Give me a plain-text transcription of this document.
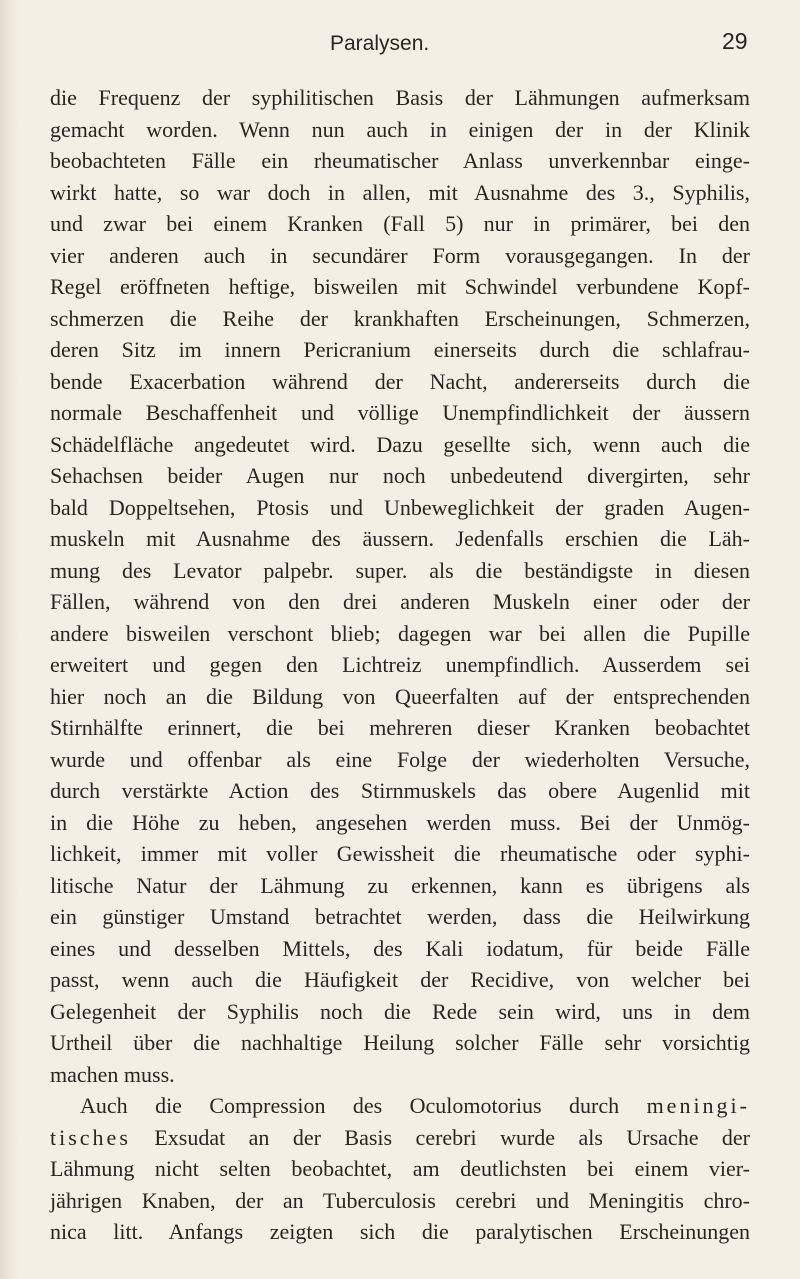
Paralysen.	29
die Frequenz der syphilitischen Basis der Lähmungen aufmerksam
gemacht worden. Wenn nun auch in einigen der in der Klinik
beobachteten Fälle ein rheumatischer Anlass unverkennbar einge-
wirkt hatte, so war doch in allen, mit Ausnahme des 3., Syphilis,
und zwar bei einem Kranken (Fall 5) nur in primärer, bei den
vier anderen auch in secundärer Form vorausgegangen. In der
Regel eröffneten heftige, bisweilen mit Schwindel verbundene Kopf-
schmerzen die Reihe der krankhaften Erscheinungen, Schmerzen,
deren Sitz im innern Pericranium einerseits durch die schlafrau-
bende Exacerbation während der Nacht, andererseits durch die
normale Beschaffenheit und völlige Unempfindlichkeit der äussern
Schädelfläche angedeutet wird. Dazu gesellte sich, wenn auch die
Sehachsen beider Augen nur noch unbedeutend divergirten, sehr
bald Doppeltsehen, Ptosis und Unbeweglichkeit der graden Augen-
muskeln mit Ausnahme des äussern. Jedenfalls erschien die Läh-
mung des Levator palpebr. super. als die beständigste in diesen
Fällen, während von den drei anderen Muskeln einer oder der
andere bisweilen verschont blieb; dagegen war bei allen die Pupille
erweitert und gegen den Lichtreiz unempfindlich. Ausserdem sei
hier noch an die Bildung von Queerfalten auf der entsprechenden
Stirnhälfte erinnert, die bei mehreren dieser Kranken beobachtet
wurde und offenbar als eine Folge der wiederholten Versuche,
durch verstärkte Action des Stirnmuskels das obere Augenlid mit
in die Höhe zu heben, angesehen werden muss. Bei der Unmög-
lichkeit, immer mit voller Gewissheit die rheumatische oder syphi-
litische Natur der Lähmung zu erkennen, kann es übrigens als
ein günstiger Umstand betrachtet werden, dass die Heilwirkung
eines und desselben Mittels, des Kali iodatum, für beide Fälle
passt, wenn auch die Häufigkeit der Recidive, von welcher bei
Gelegenheit der Syphilis noch die Rede sein wird, uns in dem
Urtheil über die nachhaltige Heilung solcher Fälle sehr vorsichtig
machen muss.
Auch die Compression des Oculomotorius durch meningi-
tisches Exsudat an der Basis cerebri wurde als Ursache der
Lähmung nicht selten beobachtet, am deutlichsten bei einem vier-
jährigen Knaben, der an Tuberculosis cerebri und Meningitis chro-
nica litt. Anfangs zeigten sich die paralytischen Erscheinungen
